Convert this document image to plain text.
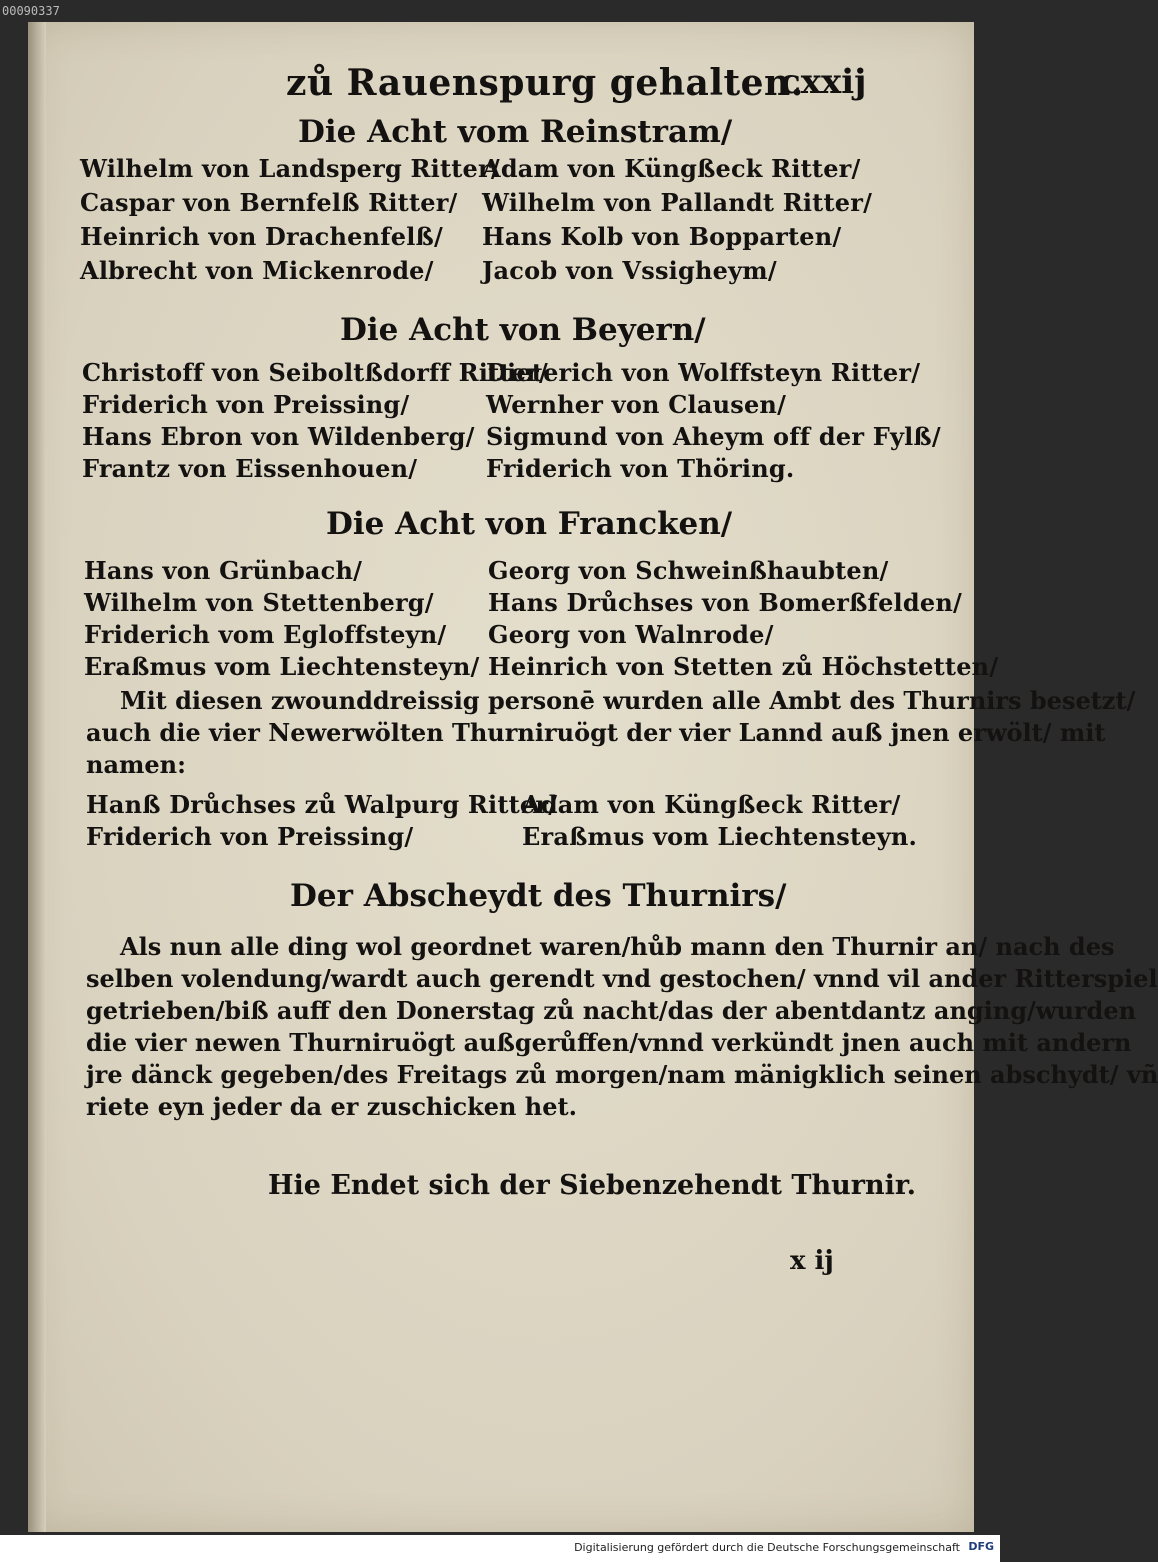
00090337
zů Rauenspurg gehalten.
cxxij
Die Acht vom Reinstram/
Wilhelm von Landsperg Ritter/
Caspar von Bernfelß Ritter/
Heinrich von Drachenfelß/
Albrecht von Mickenrode/
Adam von Küngßeck Ritter/
Wilhelm von Pallandt Ritter/
Hans Kolb von Bopparten/
Jacob von Vssigheym/
Die Acht von Beyern/
Christoff von Seiboltßdorff Ritter/
Friderich von Preissing/
Hans Ebron von Wildenberg/
Frantz von Eissenhouen/
Dieterich von Wolffsteyn Ritter/
Wernher von Clausen/
Sigmund von Aheym off der Fylß/
Friderich von Thöring.
Die Acht von Francken/
Hans von Grünbach/
Wilhelm von Stettenberg/
Friderich vom Egloffsteyn/
Eraßmus vom Liechtensteyn/
Georg von Schweinßhaubten/
Hans Drůchses von Bomerßfelden/
Georg von Walnrode/
Heinrich von Stetten zů Höchstetten/
Mit diesen zwounddreissig personē wurden alle Ambt des Thurnirs besetzt/
auch die vier Newerwölten Thurniruögt der vier Lannd auß jnen erwölt/ mit
namen:
Hanß Drůchses zů Walpurg Ritter/
Friderich von Preissing/
Adam von Küngßeck Ritter/
Eraßmus vom Liechtensteyn.
Der Abscheydt des Thurnirs/
Als nun alle ding wol geordnet waren/hůb mann den Thurnir an/ nach des
selben volendung/wardt auch gerendt vnd gestochen/ vnnd vil ander Ritterspiel
getrieben/biß auff den Donerstag zů nacht/das der abentdantz anging/wurden
die vier newen Thurniruögt außgerůffen/vnnd verkündt jnen auch mit andern
jre dänck gegeben/des Freitags zů morgen/nam mänigklich seinen abschydt/ vñ
riete eyn jeder da er zuschicken het.
Hie Endet sich der Siebenzehendt Thurnir.
x ij
Digitalisierung gefördert durch die Deutsche Forschungsgemeinschaft DFG
